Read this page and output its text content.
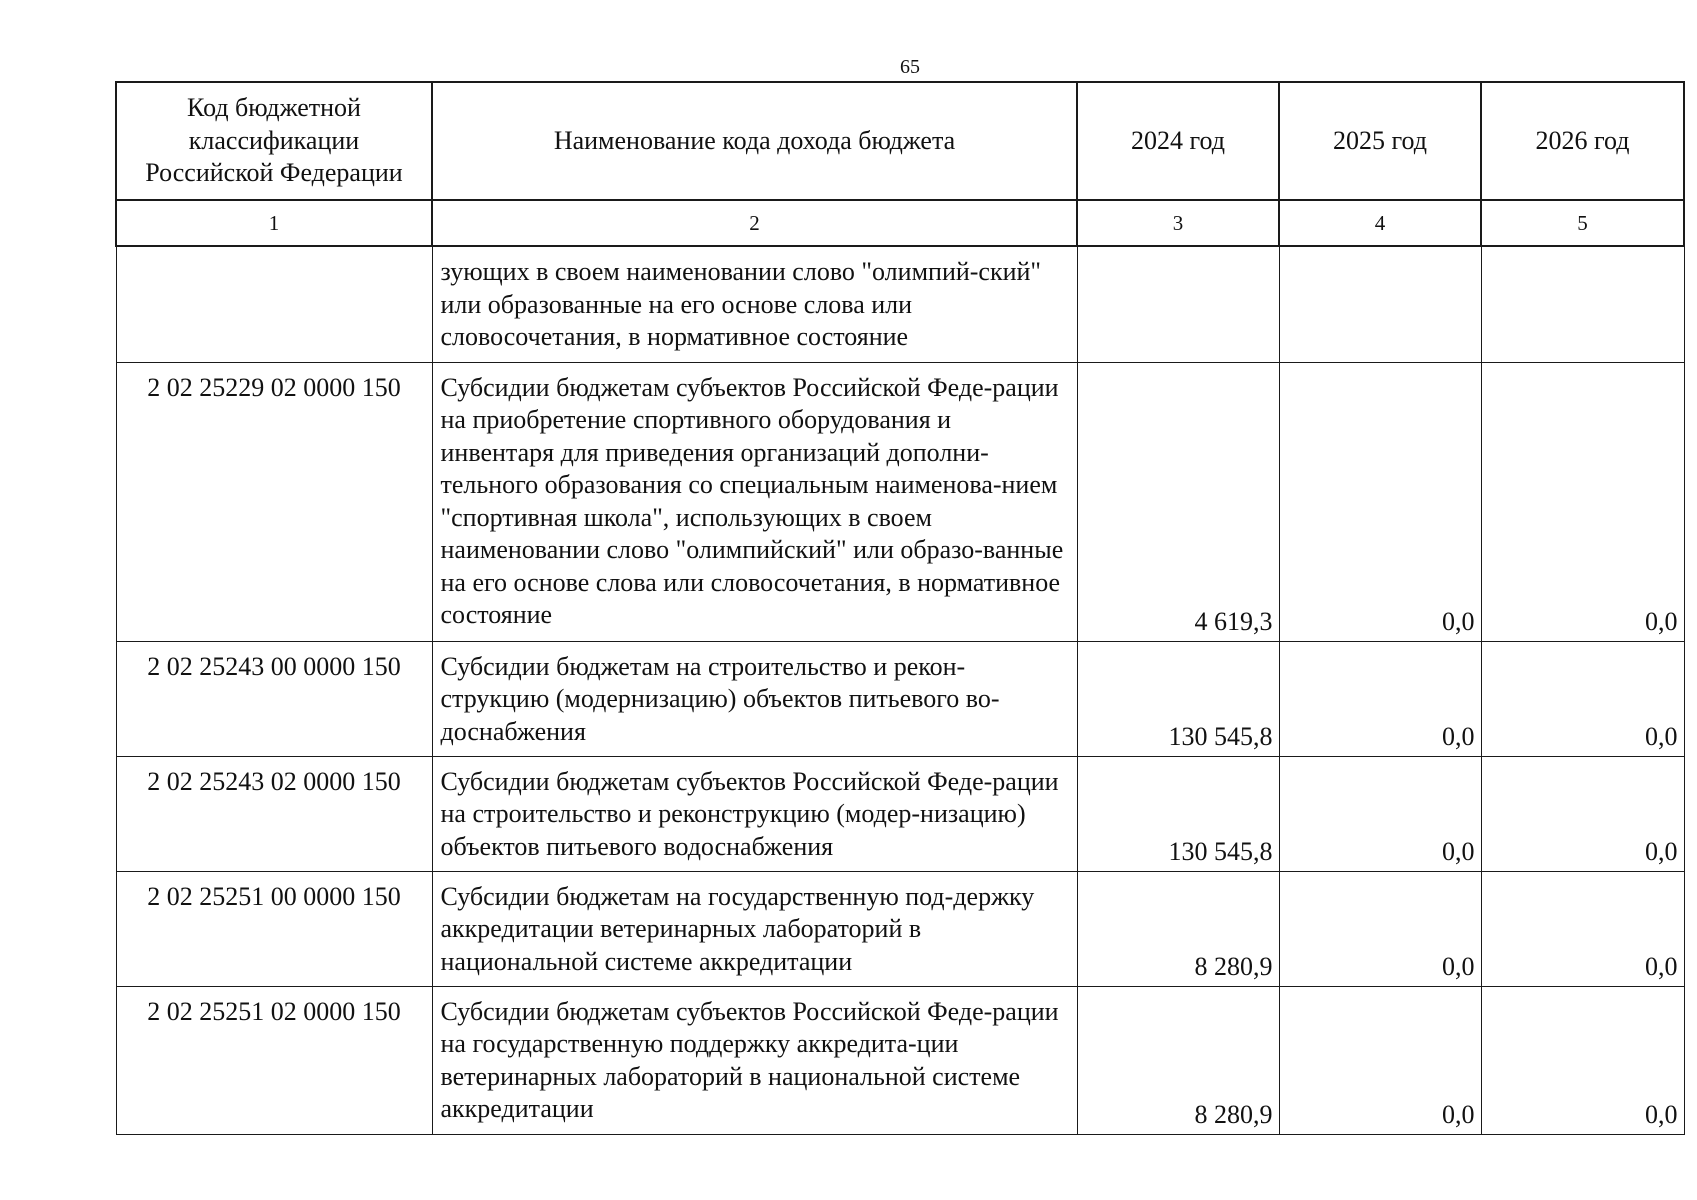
65
Код бюджетной классификации Российской Федерации	Наименование кода дохода бюджета	2024 год	2025 год	2026 год
1	2	3	4	5
	зующих в своем наименовании слово "олимпий-ский" или образованные на его основе слова или словосочетания, в нормативное состояние			
2 02 25229 02 0000 150	Субсидии бюджетам субъектов Российской Феде-рации на приобретение спортивного оборудования и инвентаря для приведения организаций дополни-тельного образования со специальным наименова-нием "спортивная школа", использующих в своем наименовании слово "олимпийский" или образо-ванные на его основе слова или словосочетания, в нормативное состояние	4 619,3	0,0	0,0
2 02 25243 00 0000 150	Субсидии бюджетам на строительство и рекон-струкцию (модернизацию) объектов питьевого во-доснабжения	130 545,8	0,0	0,0
2 02 25243 02 0000 150	Субсидии бюджетам субъектов Российской Феде-рации на строительство и реконструкцию (модер-низацию) объектов питьевого водоснабжения	130 545,8	0,0	0,0
2 02 25251 00 0000 150	Субсидии бюджетам на государственную под-держку аккредитации ветеринарных лабораторий в национальной системе аккредитации	8 280,9	0,0	0,0
2 02 25251 02 0000 150	Субсидии бюджетам субъектов Российской Феде-рации на государственную поддержку аккредита-ции ветеринарных лабораторий в национальной системе аккредитации	8 280,9	0,0	0,0
